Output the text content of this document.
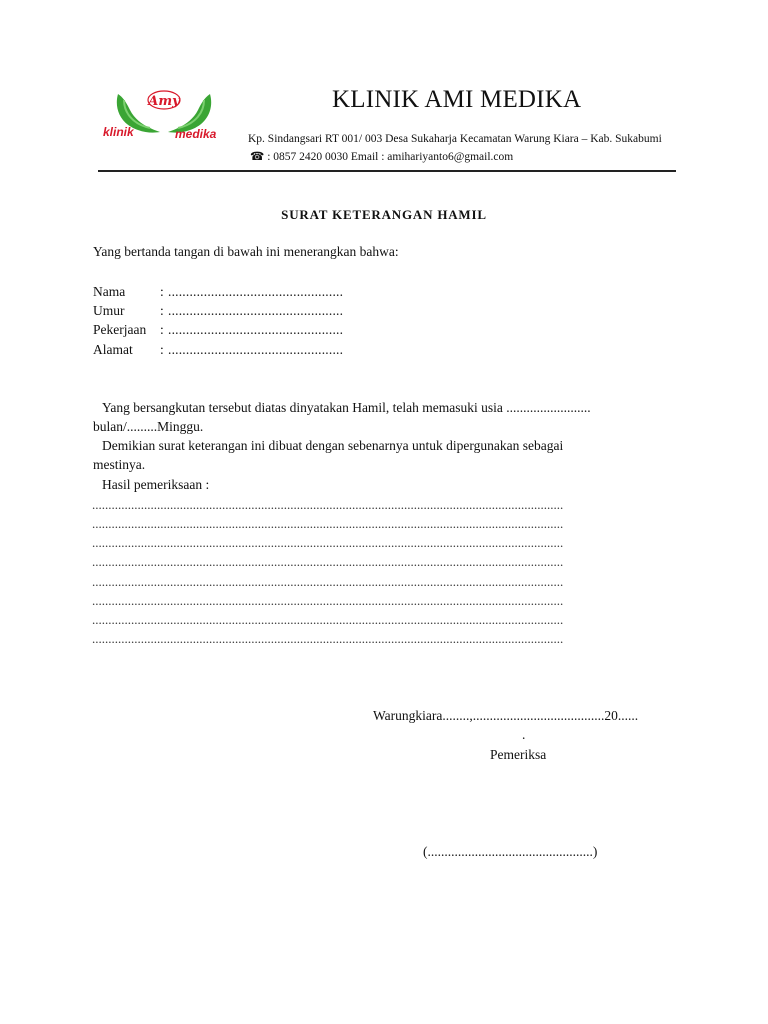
Amy
klinik	medika
KLINIK AMI MEDIKA
Kp. Sindangsari RT 001/ 003 Desa Sukaharja Kecamatan Warung Kiara – Kab. Sukabumi
☎ : 0857 2420 0030 Email : amihariyanto6@gmail.com
SURAT KETERANGAN HAMIL
Yang bertanda tangan di bawah ini menerangkan bahwa:
Nama	: .................................................
Umur	: .................................................
Pekerjaan : .................................................
Alamat : .................................................
Yang bersangkutan tersebut diatas dinyatakan Hamil, telah memasuki usia .........................
bulan/.........Minggu.
Demikian surat keterangan ini dibuat dengan sebenarnya untuk dipergunakan sebagai
mestinya.
Hasil pemeriksaan :
.................................................................................................................................................
.................................................................................................................................................
.................................................................................................................................................
.................................................................................................................................................
.................................................................................................................................................
.................................................................................................................................................
.................................................................................................................................................
.................................................................................................................................................
Warungkiara........,.......................................20......
.
Pemeriksa
(.................................................)
